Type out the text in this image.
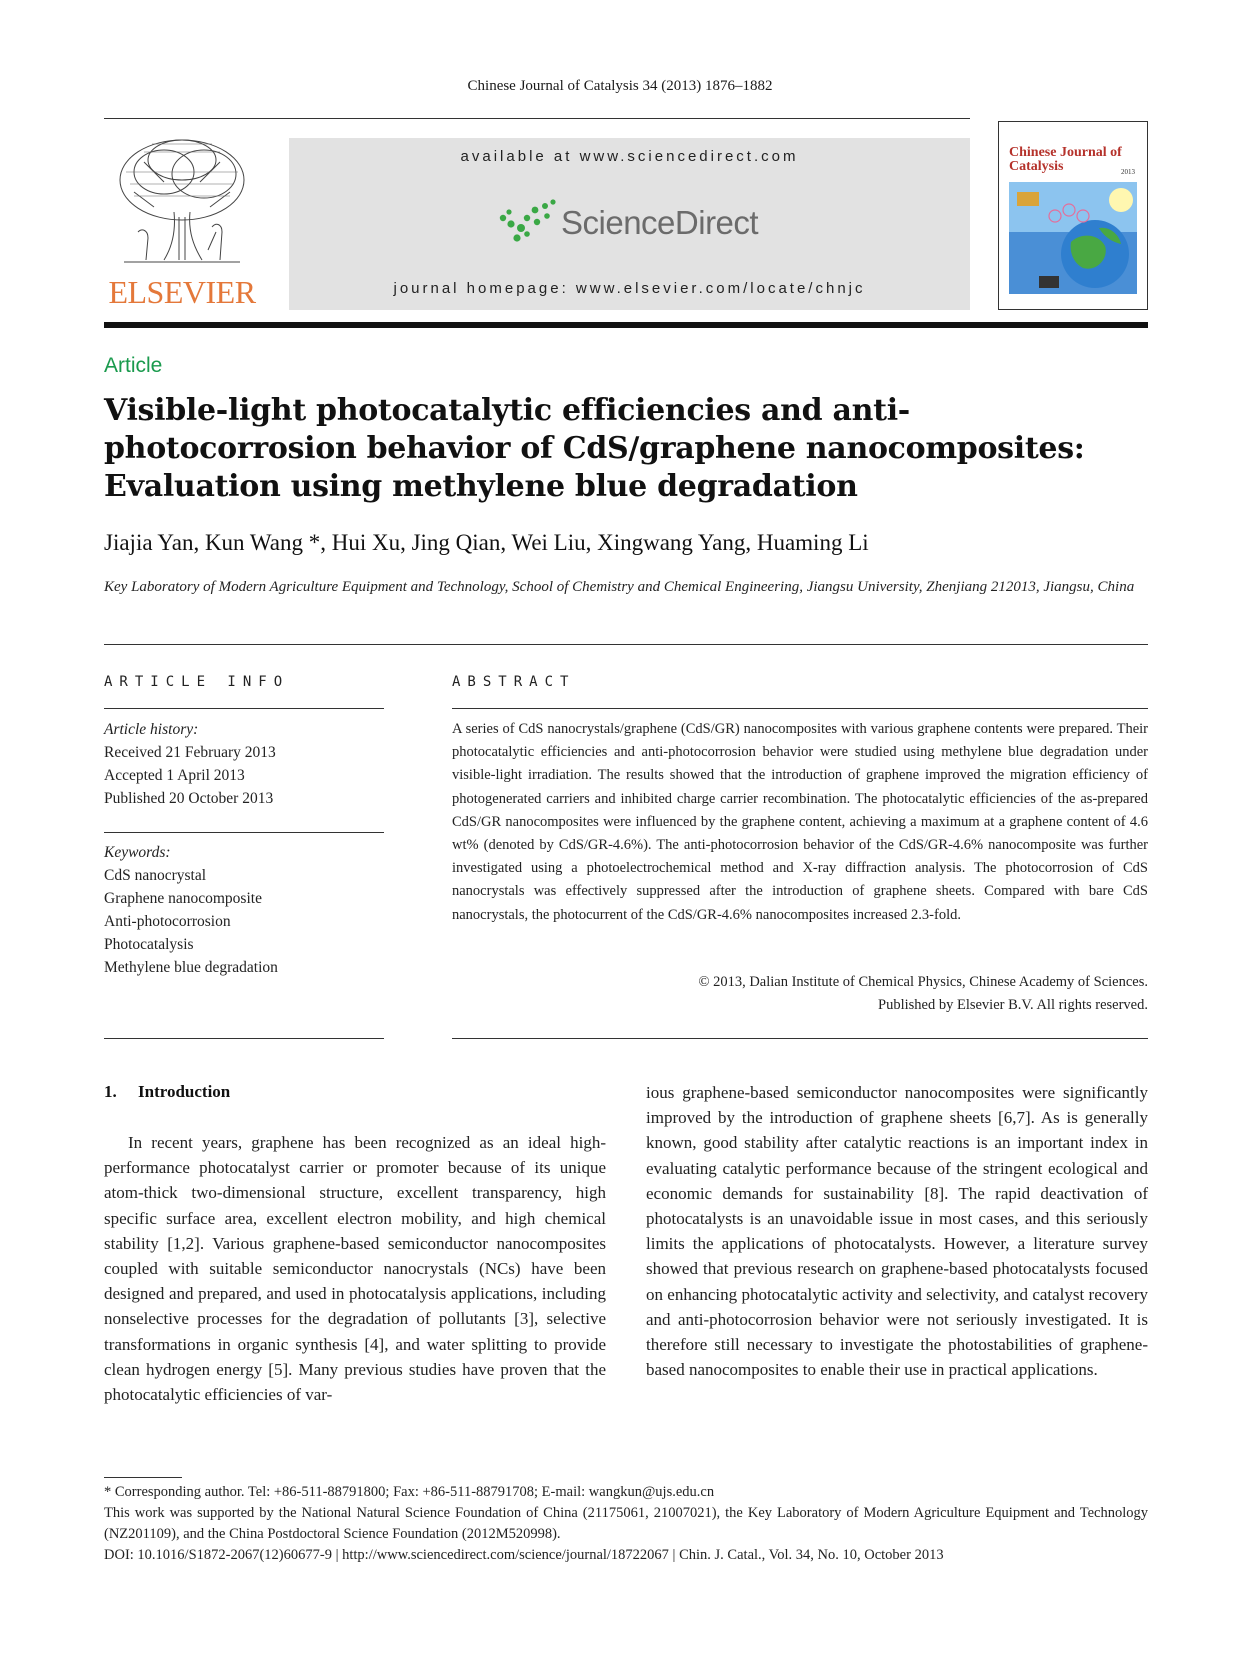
Chinese Journal of Catalysis 34 (2013) 1876–1882
ELSEVIER
available at www.sciencedirect.com
ScienceDirect
journal homepage: www.elsevier.com/locate/chnjc
Chinese Journal of Catalysis	2013
Article
Visible-light photocatalytic efficiencies and anti-photocorrosion behavior of CdS/graphene nanocomposites: Evaluation using methylene blue degradation
Jiajia Yan, Kun Wang *, Hui Xu, Jing Qian, Wei Liu, Xingwang Yang, Huaming Li
Key Laboratory of Modern Agriculture Equipment and Technology, School of Chemistry and Chemical Engineering, Jiangsu University, Zhenjiang 212013, Jiangsu, China
ARTICLE INFO	ABSTRACT
Article history:
Received 21 February 2013
Accepted 1 April 2013
Published 20 October 2013
Keywords:
CdS nanocrystal
Graphene nanocomposite
Anti-photocorrosion
Photocatalysis
Methylene blue degradation
A series of CdS nanocrystals/graphene (CdS/GR) nanocomposites with various graphene contents were prepared. Their photocatalytic efficiencies and anti-photocorrosion behavior were studied using methylene blue degradation under visible-light irradiation. The results showed that the introduction of graphene improved the migration efficiency of photogenerated carriers and inhibited charge carrier recombination. The photocatalytic efficiencies of the as-prepared CdS/GR nanocomposites were influenced by the graphene content, achieving a maximum at a graphene content of 4.6 wt% (denoted by CdS/GR-4.6%). The anti-photocorrosion behavior of the CdS/GR-4.6% nanocomposite was further investigated using a photoelectrochemical method and X-ray diffraction analysis. The photocorrosion of CdS nanocrystals was effectively suppressed after the introduction of graphene sheets. Compared with bare CdS nanocrystals, the photocurrent of the CdS/GR-4.6% nanocomposites increased 2.3-fold.
© 2013, Dalian Institute of Chemical Physics, Chinese Academy of Sciences.
Published by Elsevier B.V. All rights reserved.
1. Introduction
In recent years, graphene has been recognized as an ideal high-performance photocatalyst carrier or promoter because of its unique atom-thick two-dimensional structure, excellent transparency, high specific surface area, excellent electron mobility, and high chemical stability [1,2]. Various graphene-based semiconductor nanocomposites coupled with suitable semiconductor nanocrystals (NCs) have been designed and prepared, and used in photocatalysis applications, including nonselective processes for the degradation of pollutants [3], selective transformations in organic synthesis [4], and water splitting to provide clean hydrogen energy [5]. Many previous studies have proven that the photocatalytic efficiencies of var-
ious graphene-based semiconductor nanocomposites were significantly improved by the introduction of graphene sheets [6,7]. As is generally known, good stability after catalytic reactions is an important index in evaluating catalytic performance because of the stringent ecological and economic demands for sustainability [8]. The rapid deactivation of photocatalysts is an unavoidable issue in most cases, and this seriously limits the applications of photocatalysts. However, a literature survey showed that previous research on graphene-based photocatalysts focused on enhancing photocatalytic activity and selectivity, and catalyst recovery and anti-photocorrosion behavior were not seriously investigated. It is therefore still necessary to investigate the photostabilities of graphene-based nanocomposites to enable their use in practical applications.
* Corresponding author. Tel: +86-511-88791800; Fax: +86-511-88791708; E-mail: wangkun@ujs.edu.cn
This work was supported by the National Natural Science Foundation of China (21175061, 21007021), the Key Laboratory of Modern Agriculture Equipment and Technology (NZ201109), and the China Postdoctoral Science Foundation (2012M520998).
DOI: 10.1016/S1872-2067(12)60677-9 | http://www.sciencedirect.com/science/journal/18722067 | Chin. J. Catal., Vol. 34, No. 10, October 2013
